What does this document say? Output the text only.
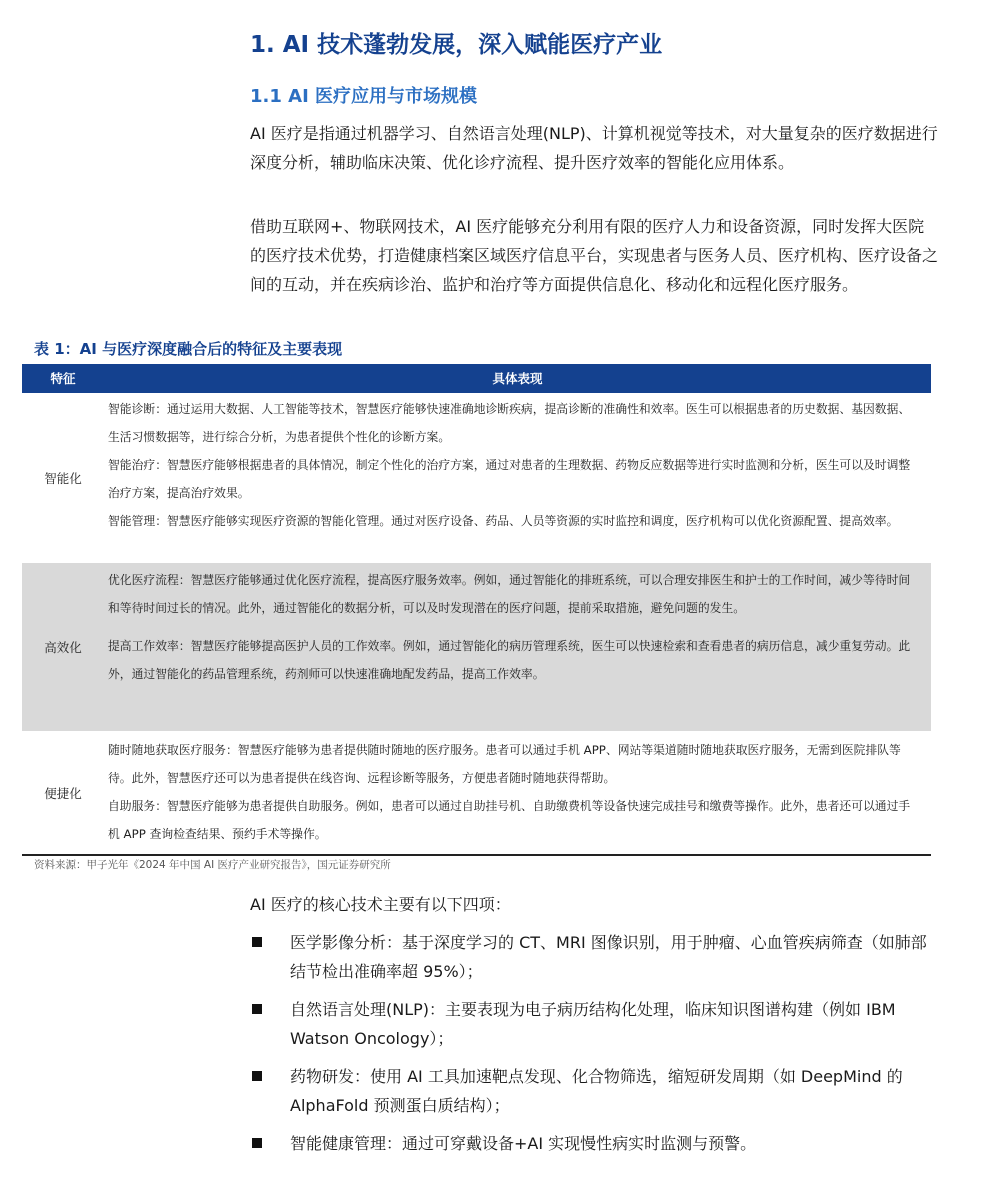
1. AI 技术蓬勃发展，深入赋能医疗产业
1.1 AI 医疗应用与市场规模
AI 医疗是指通过机器学习、自然语言处理(NLP)、计算机视觉等技术，对大量复杂的医疗数据进行深度分析，辅助临床决策、优化诊疗流程、提升医疗效率的智能化应用体系。
借助互联网+、物联网技术，AI 医疗能够充分利用有限的医疗人力和设备资源，同时发挥大医院的医疗技术优势，打造健康档案区域医疗信息平台，实现患者与医务人员、医疗机构、医疗设备之间的互动，并在疾病诊治、监护和治疗等方面提供信息化、移动化和远程化医疗服务。
表 1：AI 与医疗深度融合后的特征及主要表现
特征	具体表现
智能化

智能诊断：通过运用大数据、人工智能等技术，智慧医疗能够快速准确地诊断疾病，提高诊断的准确性和效率。医生可以根据患者的历史数据、基因数据、生活习惯数据等，进行综合分析，为患者提供个性化的诊断方案。

智能治疗：智慧医疗能够根据患者的具体情况，制定个性化的治疗方案，通过对患者的生理数据、药物反应数据等进行实时监测和分析，医生可以及时调整治疗方案，提高治疗效果。

智能管理：智慧医疗能够实现医疗资源的智能化管理。通过对医疗设备、药品、人员等资源的实时监控和调度，医疗机构可以优化资源配置、提高效率。

高效化

优化医疗流程：智慧医疗能够通过优化医疗流程，提高医疗服务效率。例如，通过智能化的排班系统，可以合理安排医生和护士的工作时间，减少等待时间和等待时间过长的情况。此外，通过智能化的数据分析，可以及时发现潜在的医疗问题，提前采取措施，避免问题的发生。

提高工作效率：智慧医疗能够提高医护人员的工作效率。例如，通过智能化的病历管理系统，医生可以快速检索和查看患者的病历信息，减少重复劳动。此外，通过智能化的药品管理系统，药剂师可以快速准确地配发药品，提高工作效率。

便捷化

随时随地获取医疗服务：智慧医疗能够为患者提供随时随地的医疗服务。患者可以通过手机 APP、网站等渠道随时随地获取医疗服务，无需到医院排队等待。此外，智慧医疗还可以为患者提供在线咨询、远程诊断等服务，方便患者随时随地获得帮助。

自助服务：智慧医疗能够为患者提供自助服务。例如，患者可以通过自助挂号机、自助缴费机等设备快速完成挂号和缴费等操作。此外，患者还可以通过手机 APP 查询检查结果、预约手术等操作。

资料来源：甲子光年《2024 年中国 AI 医疗产业研究报告》，国元证券研究所
AI 医疗的核心技术主要有以下四项：
医学影像分析：基于深度学习的 CT、MRI 图像识别，用于肿瘤、心血管疾病筛查（如肺部结节检出准确率超 95%）；
自然语言处理(NLP)：主要表现为电子病历结构化处理，临床知识图谱构建（例如 IBM Watson Oncology）；
药物研发：使用 AI 工具加速靶点发现、化合物筛选，缩短研发周期（如 DeepMind 的 AlphaFold 预测蛋白质结构）；
智能健康管理：通过可穿戴设备+AI 实现慢性病实时监测与预警。
